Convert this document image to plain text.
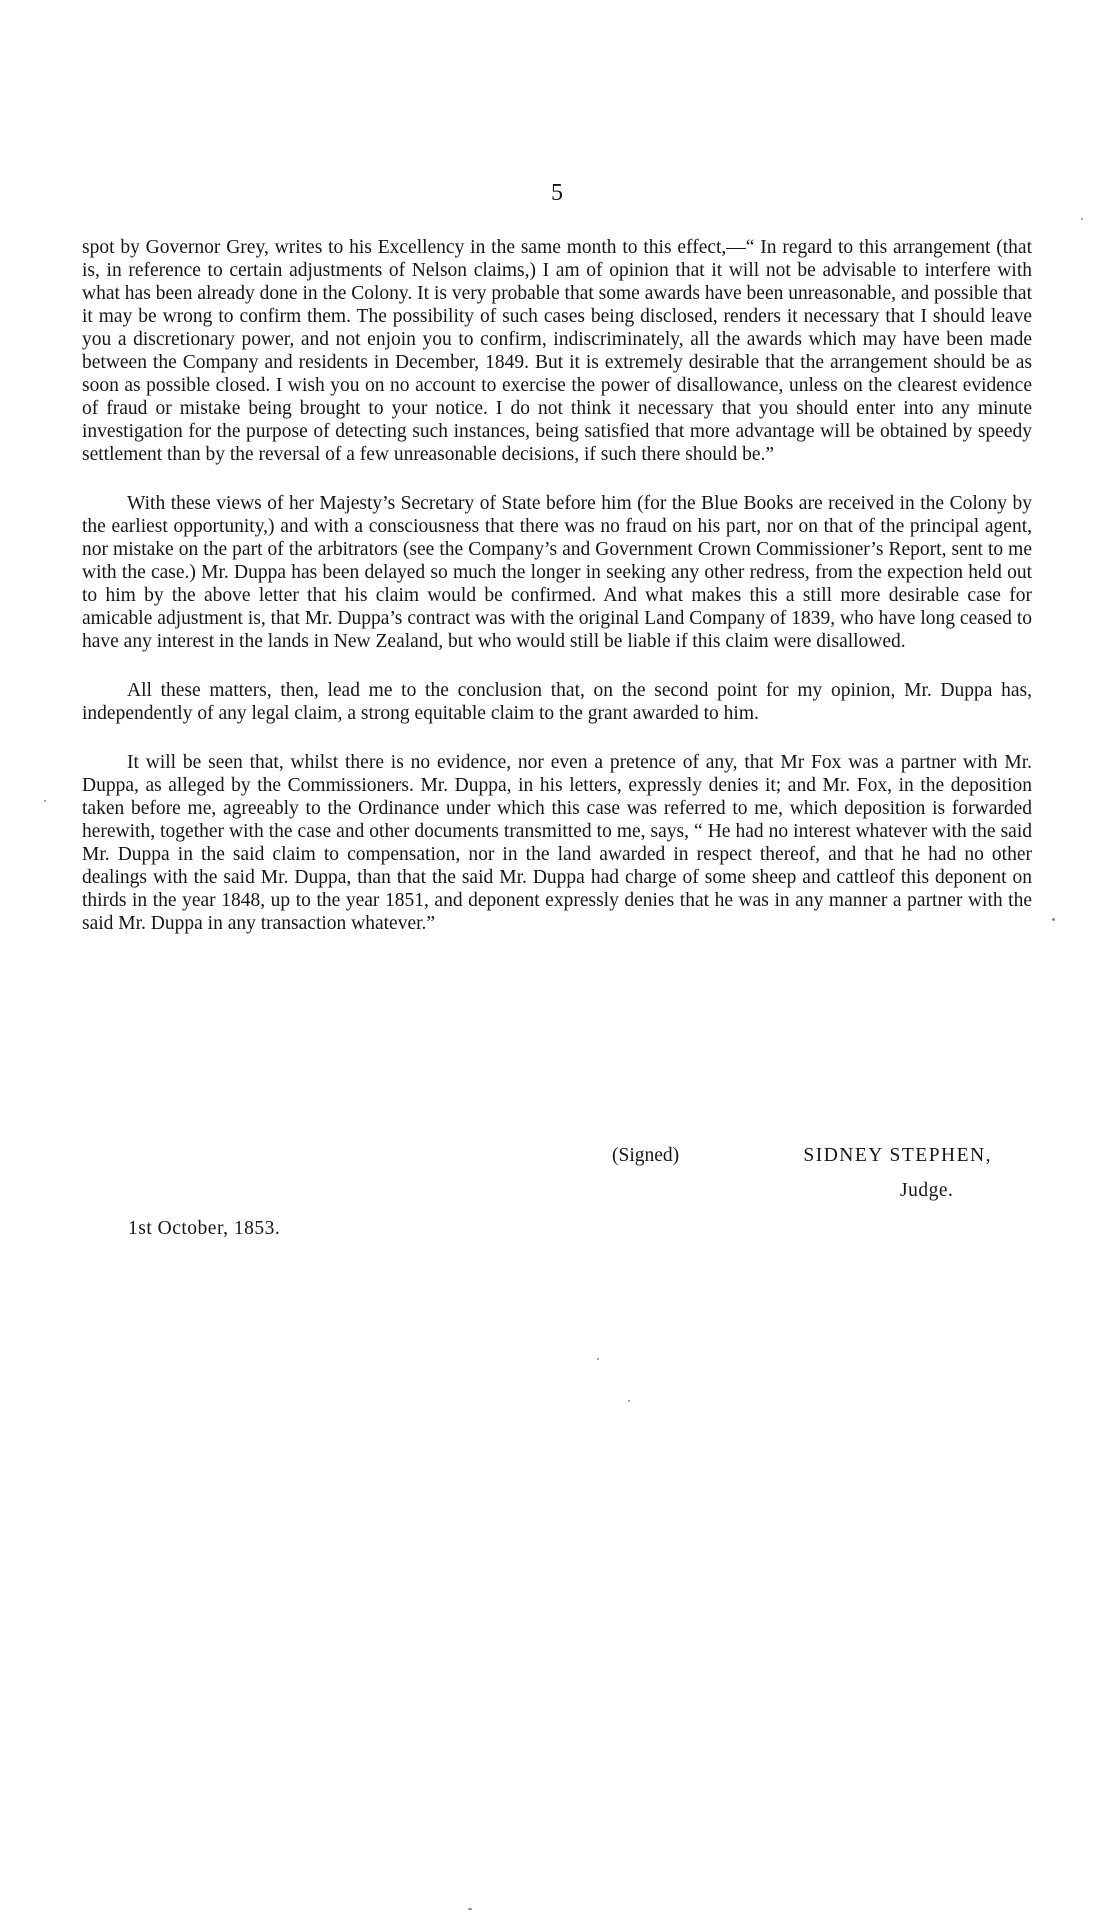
5

spot by Governor Grey, writes to his Excellency in the same month to this effect,—“ In regard to this arrangement (that is, in reference to certain adjustments of Nelson claims,) I am of opinion that it will not be advisable to interfere with what has been already done in the Colony. It is very probable that some awards have been unreasonable, and possible that it may be wrong to confirm them. The possibility of such cases being disclosed, renders it necessary that I should leave you a discretionary power, and not enjoin you to confirm, indiscriminately, all the awards which may have been made between the Company and residents in December, 1849. But it is extremely desirable that the arrangement should be as soon as possible closed. I wish you on no account to exercise the power of disallowance, unless on the clearest evidence of fraud or mistake being brought to your notice. I do not think it necessary that you should enter into any minute investigation for the purpose of detecting such instances, being satisfied that more advantage will be obtained by speedy settlement than by the reversal of a few unreasonable decisions, if such there should be.”

With these views of her Majesty’s Secretary of State before him (for the Blue Books are received in the Colony by the earliest opportunity,) and with a consciousness that there was no fraud on his part, nor on that of the principal agent, nor mistake on the part of the arbitrators (see the Company’s and Government Crown Commissioner’s Report, sent to me with the case.) Mr. Duppa has been delayed so much the longer in seeking any other redress, from the expection held out to him by the above letter that his claim would be confirmed. And what makes this a still more desirable case for amicable adjustment is, that Mr. Duppa’s contract was with the original Land Company of 1839, who have long ceased to have any interest in the lands in New Zealand, but who would still be liable if this claim were disallowed.

All these matters, then, lead me to the conclusion that, on the second point for my opinion, Mr. Duppa has, independently of any legal claim, a strong equitable claim to the grant awarded to him.

It will be seen that, whilst there is no evidence, nor even a pretence of any, that Mr Fox was a partner with Mr. Duppa, as alleged by the Commissioners. Mr. Duppa, in his letters, expressly denies it; and Mr. Fox, in the deposition taken before me, agreeably to the Ordinance under which this case was referred to me, which deposition is forwarded herewith, together with the case and other documents transmitted to me, says, “ He had no interest whatever with the said Mr. Duppa in the said claim to compensation, nor in the land awarded in respect thereof, and that he had no other dealings with the said Mr. Duppa, than that the said Mr. Duppa had charge of some sheep and cattleof this deponent on thirds in the year 1848, up to the year 1851, and deponent expressly denies that he was in any manner a partner with the said Mr. Duppa in any transaction whatever.”

(Signed)	SIDNEY STEPHEN,
Judge.
1st October, 1853.
